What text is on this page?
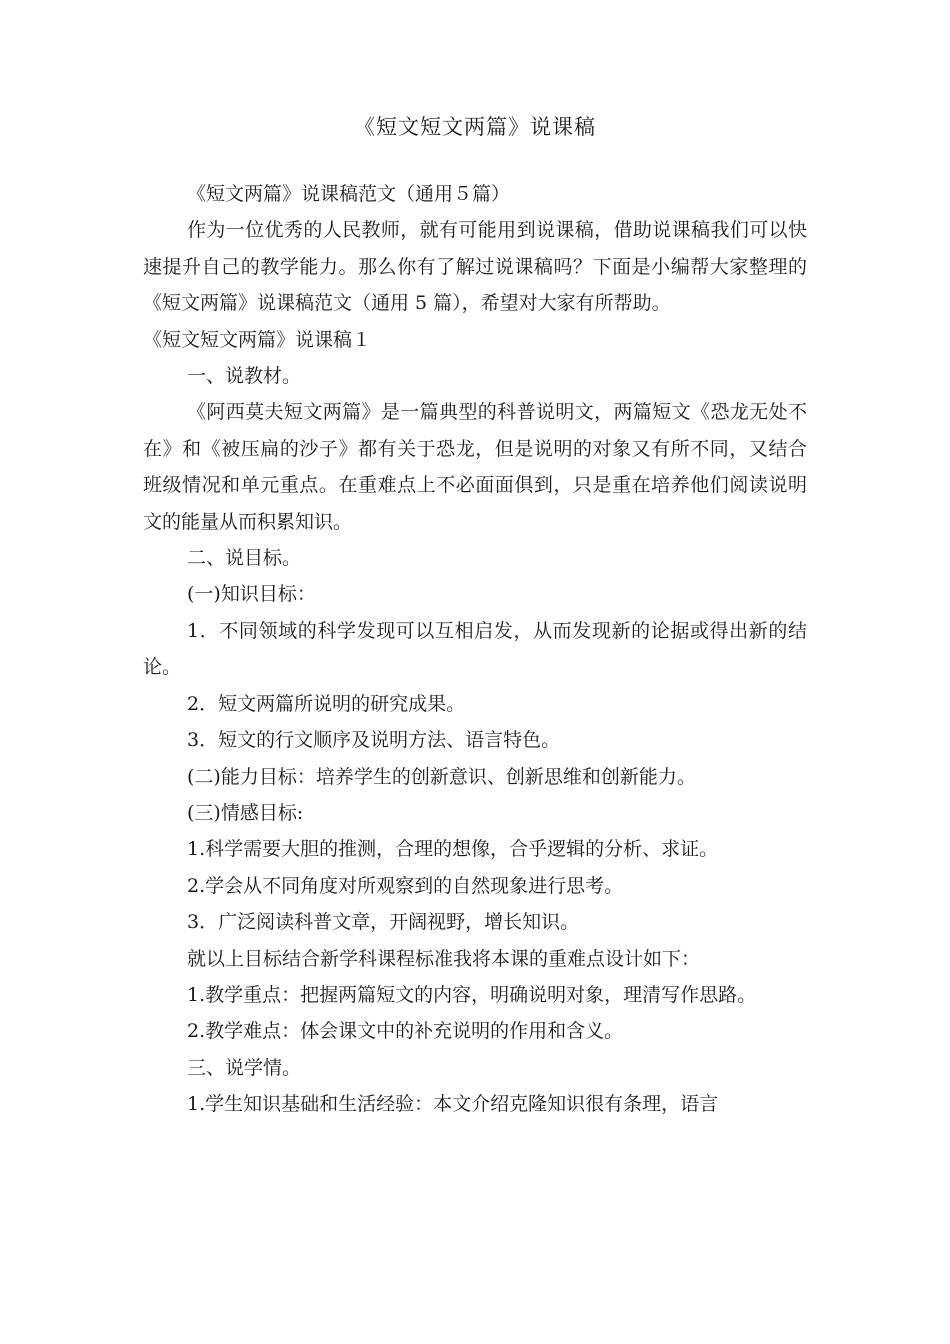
《短文短文两篇》说课稿

《短文两篇》说课稿范文（通用５篇）

作为一位优秀的人民教师，就有可能用到说课稿，借助说课稿我们可以快速提升自己的教学能力。那么你有了解过说课稿吗？下面是小编帮大家整理的《短文两篇》说课稿范文（通用 5 篇），希望对大家有所帮助。

《短文短文两篇》说课稿１

一、说教材。

《阿西莫夫短文两篇》是一篇典型的科普说明文，两篇短文《恐龙无处不在》和《被压扁的沙子》都有关于恐龙，但是说明的对象又有所不同，又结合班级情况和单元重点。在重难点上不必面面俱到，只是重在培养他们阅读说明文的能量从而积累知识。

二、说目标。

(一)知识目标：

1．不同领域的科学发现可以互相启发，从而发现新的论据或得出新的结论。

2．短文两篇所说明的研究成果。

3．短文的行文顺序及说明方法、语言特色。

(二)能力目标：培养学生的创新意识、创新思维和创新能力。

(三)情感目标:

1.科学需要大胆的推测，合理的想像，合乎逻辑的分析、求证。

2.学会从不同角度对所观察到的自然现象进行思考。

3．广泛阅读科普文章，开阔视野，增长知识。

就以上目标结合新学科课程标准我将本课的重难点设计如下：

1.教学重点：把握两篇短文的内容，明确说明对象，理清写作思路。

2.教学难点：体会课文中的补充说明的作用和含义。

三、说学情。

1.学生知识基础和生活经验：本文介绍克隆知识很有条理，语言
